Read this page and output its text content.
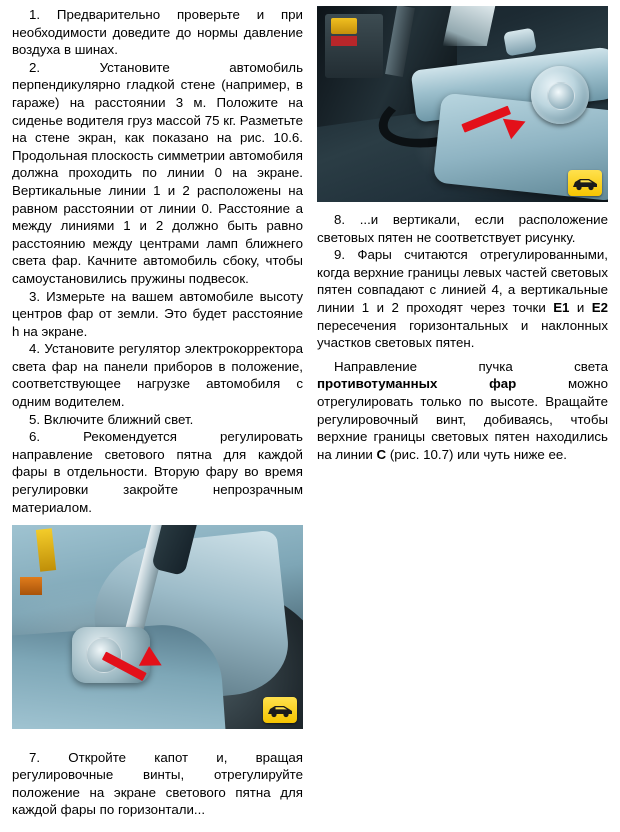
1. Предварительно проверьте и при необходимости доведите до нормы давление воздуха в шинах.

2. Установите автомобиль перпендикулярно гладкой стене (например, в гараже) на расстоянии 3 м. Положите на сиденье водителя груз массой 75 кг. Разметьте на стене экран, как показано на рис. 10.6. Продольная плоскость симметрии автомобиля должна проходить по линии 0 на экране. Вертикальные линии 1 и 2 расположены на равном расстоянии от линии 0. Расстояние a между линиями 1 и 2 должно быть равно расстоянию между центрами ламп ближнего света фар. Качните автомобиль сбоку, чтобы самоустановились пружины подвесок.

3. Измерьте на вашем автомобиле высоту центров фар от земли. Это будет расстояние h на экране.

4. Установите регулятор электрокорректора света фар на панели приборов в положение, соответствующее нагрузке автомобиля с одним водителем.

5. Включите ближний свет.

6. Рекомендуется регулировать направление светового пятна для каждой фары в отдельности. Вторую фару во время регулировки закройте непрозрачным материалом.

7. Откройте капот и, вращая регулировочные винты, отрегулируйте положение на экране светового пятна для каждой фары по горизонтали...

8. ...и вертикали, если расположение световых пятен не соответствует рисунку.

9. Фары считаются отрегулированными, когда верхние границы левых частей световых пятен совпадают с линией 4, а вертикальные линии 1 и 2 проходят через точки E1 и E2 пересечения горизонтальных и наклонных участков световых пятен.

Направление пучка света противотуманных фар можно отрегулировать только по высоте. Вращайте регулировочный винт, добиваясь, чтобы верхние границы световых пятен находились на линии C (рис. 10.7) или чуть ниже ее.
